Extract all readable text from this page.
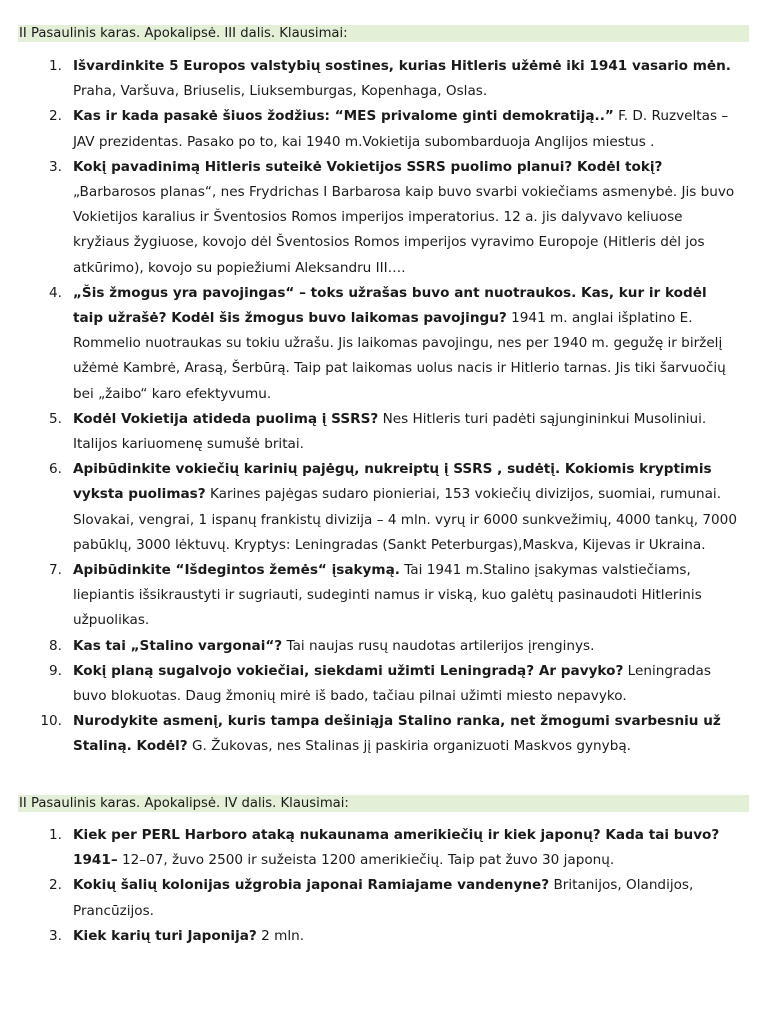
II Pasaulinis karas. Apokalipsė. III dalis. Klausimai:
1. Išvardinkite 5 Europos valstybių sostines, kurias Hitleris užėmė iki 1941 vasario mėn. Praha, Varšuva, Briuselis, Liuksemburgas, Kopenhaga, Oslas.
2. Kas ir kada pasakė šiuos žodžius: “MES privalome ginti demokratiją..” F. D. Ruzveltas – JAV prezidentas. Pasako po to, kai 1940 m.Vokietija subombarduoja Anglijos miestus .
3. Kokį pavadinimą Hitleris suteikė Vokietijos SSRS puolimo planui? Kodėl tokį? „Barbarosos planas“, nes Frydrichas I Barbarosa kaip buvo svarbi vokiečiams asmenybė. Jis buvo Vokietijos karalius ir Šventosios Romos imperijos imperatorius. 12 a. jis dalyvavo keliuose kryžiaus žygiuose, kovojo dėl Šventosios Romos imperijos vyravimo Europoje (Hitleris dėl jos atkūrimo), kovojo su popiežiumi Aleksandru III….
4. „Šis žmogus yra pavojingas“ – toks užrašas buvo ant nuotraukos. Kas, kur ir kodėl taip užrašė? Kodėl šis žmogus buvo laikomas pavojingu? 1941 m. anglai išplatino E. Rommelio nuotraukas su tokiu užrašu. Jis laikomas pavojingu, nes per 1940 m. gegužę ir birželį užėmė Kambrė, Arasą, Šerbūrą. Taip pat laikomas uolus nacis ir Hitlerio tarnas. Jis tiki šarvuočių bei „žaibo“ karo efektyvumu.
5. Kodėl Vokietija atideda puolimą į SSRS? Nes Hitleris turi padėti sąjungininkui Musoliniui. Italijos kariuomenę sumušė britai.
6. Apibūdinkite vokiečių karinių pajėgų, nukreiptų į SSRS , sudėtį. Kokiomis kryptimis vyksta puolimas? Karines pajėgas sudaro pionieriai, 153 vokiečių divizijos, suomiai, rumunai. Slovakai, vengrai, 1 ispanų frankistų divizija – 4 mln. vyrų ir 6000 sunkvežimių, 4000 tankų, 7000 pabūklų, 3000 lėktuvų. Kryptys: Leningradas (Sankt Peterburgas),Maskva, Kijevas ir Ukraina.
7. Apibūdinkite “Išdegintos žemės“ įsakymą. Tai 1941 m.Stalino įsakymas valstiečiams, liepiantis išsikraustyti ir sugriauti, sudeginti namus ir viską, kuo galėtų pasinaudoti Hitlerinis užpuolikas.
8. Kas tai „Stalino vargonai“? Tai naujas rusų naudotas artilerijos įrenginys.
9. Kokį planą sugalvojo vokiečiai, siekdami užimti Leningradą? Ar pavyko? Leningradas buvo blokuotas. Daug žmonių mirė iš bado, tačiau pilnai užimti miesto nepavyko.
10. Nurodykite asmenį, kuris tampa dešiniąja Stalino ranka, net žmogumi svarbesniu už Staliną. Kodėl? G. Žukovas, nes Stalinas jį paskiria organizuoti Maskvos gynybą.
II Pasaulinis karas. Apokalipsė. IV dalis. Klausimai:
1. Kiek per PERL Harboro ataką nukaunama amerikiečių ir kiek japonų? Kada tai buvo? 1941– 12–07, žuvo 2500 ir sužeista 1200 amerikiečių. Taip pat žuvo 30 japonų.
2. Kokių šalių kolonijas užgrobia japonai Ramiajame vandenyne? Britanijos, Olandijos, Prancūzijos.
3. Kiek karių turi Japonija? 2 mln.
